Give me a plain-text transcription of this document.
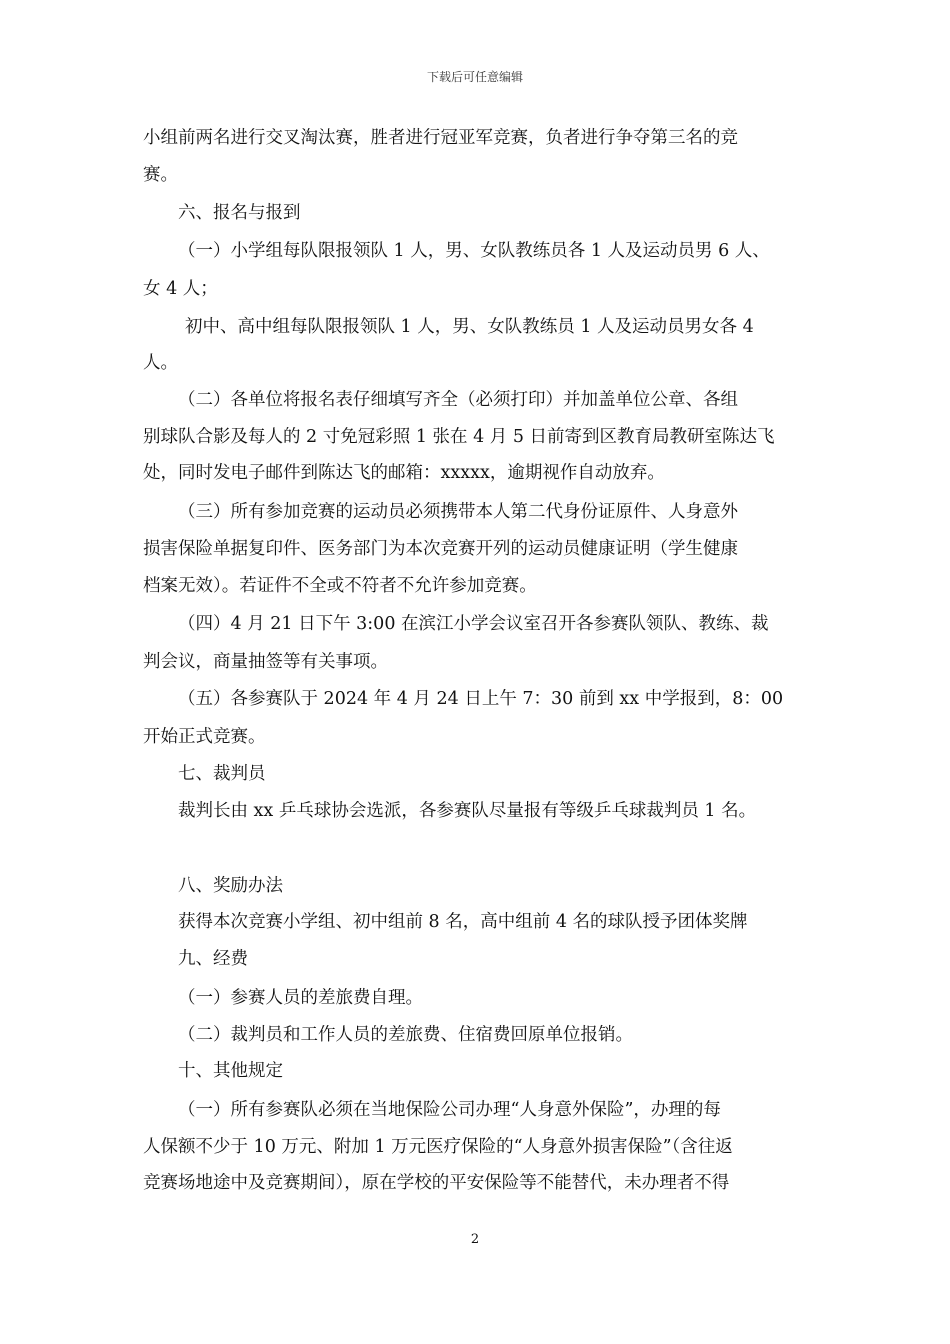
下载后可任意编辑
小组前两名进行交叉淘汰赛，胜者进行冠亚军竞赛，负者进行争夺第三名的竞
赛。
六、报名与报到
（一）小学组每队限报领队 1 人，男、女队教练员各 1 人及运动员男 6 人、
女 4 人；
初中、高中组每队限报领队 1 人，男、女队教练员 1 人及运动员男女各 4
人。
（二）各单位将报名表仔细填写齐全（必须打印）并加盖单位公章、各组
别球队合影及每人的 2 寸免冠彩照 1 张在 4 月 5 日前寄到区教育局教研室陈达飞
处，同时发电子邮件到陈达飞的邮箱：xxxxx，逾期视作自动放弃。
（三）所有参加竞赛的运动员必须携带本人第二代身份证原件、人身意外
损害保险单据复印件、医务部门为本次竞赛开列的运动员健康证明（学生健康
档案无效）。若证件不全或不符者不允许参加竞赛。
（四）4 月 21 日下午 3:00 在滨江小学会议室召开各参赛队领队、教练、裁
判会议，商量抽签等有关事项。
（五）各参赛队于 2024 年 4 月 24 日上午 7：30 前到 xx 中学报到，8：00
开始正式竞赛。
七、裁判员
裁判长由 xx 乒乓球协会选派，各参赛队尽量报有等级乒乓球裁判员 1 名。
八、奖励办法
获得本次竞赛小学组、初中组前 8 名，高中组前 4 名的球队授予团体奖牌
九、经费
（一）参赛人员的差旅费自理。
（二）裁判员和工作人员的差旅费、住宿费回原单位报销。
十、其他规定
（一）所有参赛队必须在当地保险公司办理“人身意外保险”，办理的每
人保额不少于 10 万元、附加 1 万元医疗保险的“人身意外损害保险”（含往返
竞赛场地途中及竞赛期间），原在学校的平安保险等不能替代，未办理者不得
2
